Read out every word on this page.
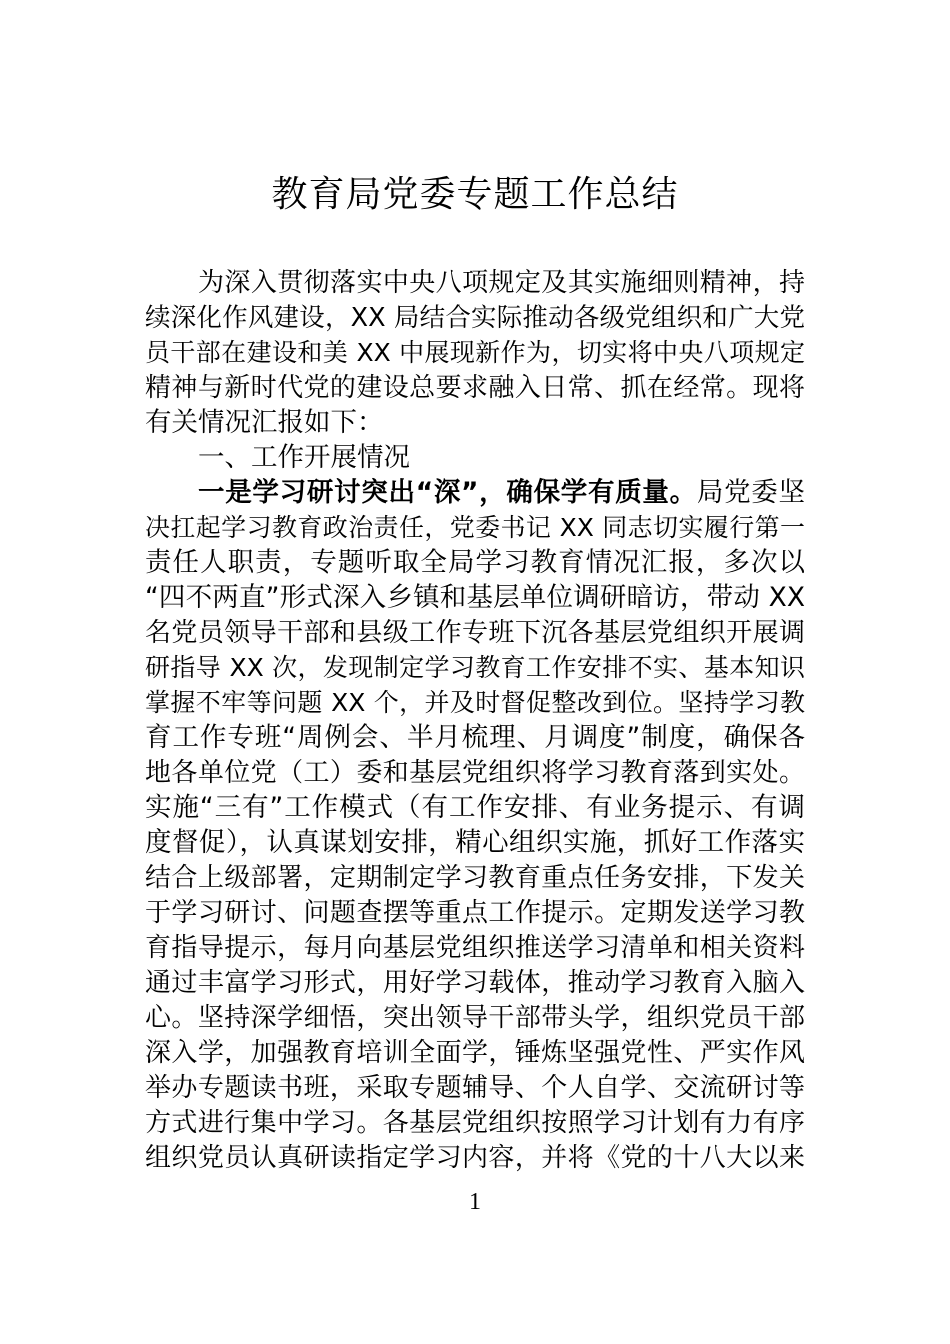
教育局党委专题工作总结
为深入贯彻落实中央八项规定及其实施细则精神，持
续深化作风建设，XX 局结合实际推动各级党组织和广大党
员干部在建设和美 XX 中展现新作为，切实将中央八项规定
精神与新时代党的建设总要求融入日常、抓在经常。现将
有关情况汇报如下：
一、工作开展情况
一是学习研讨突出“深”，确保学有质量。局党委坚
决扛起学习教育政治责任，党委书记 XX 同志切实履行第一
责任人职责，专题听取全局学习教育情况汇报，多次以
“四不两直”形式深入乡镇和基层单位调研暗访，带动 XX
名党员领导干部和县级工作专班下沉各基层党组织开展调
研指导 XX 次，发现制定学习教育工作安排不实、基本知识
掌握不牢等问题 XX 个，并及时督促整改到位。坚持学习教
育工作专班“周例会、半月梳理、月调度”制度，确保各
地各单位党（工）委和基层党组织将学习教育落到实处。
实施“三有”工作模式（有工作安排、有业务提示、有调
度督促），认真谋划安排，精心组织实施，抓好工作落实
结合上级部署，定期制定学习教育重点任务安排，下发关
于学习研讨、问题查摆等重点工作提示。定期发送学习教
育指导提示，每月向基层党组织推送学习清单和相关资料
通过丰富学习形式，用好学习载体，推动学习教育入脑入
心。坚持深学细悟，突出领导干部带头学，组织党员干部
深入学，加强教育培训全面学，锤炼坚强党性、严实作风
举办专题读书班，采取专题辅导、个人自学、交流研讨等
方式进行集中学习。各基层党组织按照学习计划有力有序
组织党员认真研读指定学习内容，并将《党的十八大以来
1
